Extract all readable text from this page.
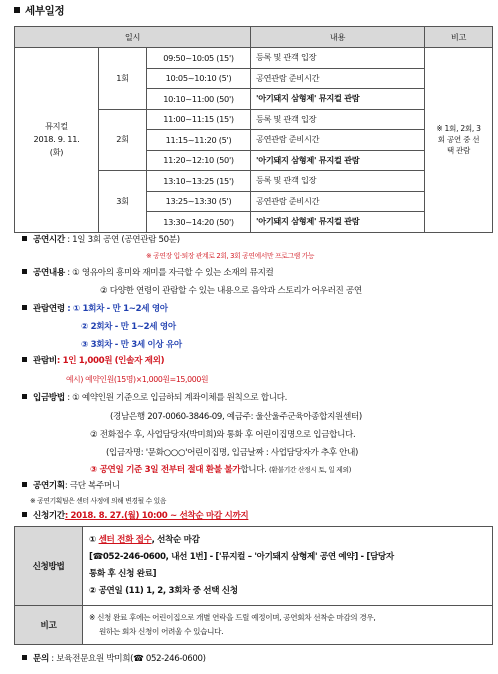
세부일정
일시			내용	비고

뮤지컬
2018. 9. 11.
(화)	1회	09:50~10:05 (15')	등록 및 관객 입장	※ 1회, 2회, 3회 공연 중 선택 관람
		10:05~10:10 (5')	공연관람 준비시간	
		10:10~11:00 (50')	'아기돼지 삼형제' 뮤지컬 관람	
	2회	11:00~11:15 (15')	등록 및 관객 입장	
		11:15~11:20 (5')	공연관람 준비시간	
		11:20~12:10 (50')	'아기돼지 삼형제' 뮤지컬 관람	
	3회	13:10~13:25 (15')	등록 및 관객 입장	
		13:25~13:30 (5')	공연관람 준비시간	
		13:30~14:20 (50')	'아기돼지 삼형제' 뮤지컬 관람	
공연시간 : 1일 3회 공연 (공연관람 50분)
※ 공연장 입·퇴장 관계로 2회, 3회 공연에서만 프로그램 가능
공연내용 : ① 영유아의 흥미와 재미를 자극할 수 있는 소재의 뮤지컬
② 다양한 연령이 관람할 수 있는 내용으로 음악과 스토리가 어우러진 공연
관람연령 : ① 1회차 - 만 1~2세 영아
② 2회차 - 만 1~2세 영아
③ 3회차 - 만 3세 이상 유아
관람비: 1인 1,000원 (인솔자 제외)
예시) 예약인원(15명)×1,000원=15,000원
입금방법 : ① 예약인원 기준으로 입금하되 계좌이체를 원칙으로 합니다.
(경남은행 207-0060-3846-09, 예금주: 울산울주군육아종합지원센터)
② 전화접수 후, 사업담당자(박미희)와 통화 후 어린이집명으로 입금합니다.
(입금자명: '문화○○○'어린이집명, 입금날짜 : 사업담당자가 추후 안내)
③ 공연일 기준 3일 전부터 절대 환불 불가합니다. (환불기간 산정시 토, 일 제외)
공연기획: 극단 복주머니
※ 공연기획팀은 센터 사정에 의해 변경될 수 있음
신청기간: 2018. 8. 27.(월) 10:00 ~ 선착순 마감 시까지
신청방법	① 센터 전화 접수, 선착순 마감
[☎052-246-0600, 내선 1번] - ['뮤지컬 – '아기돼지 삼형제' 공연 예약] - [담당자
통화 후 신청 완료]
② 공연일 (11) 1, 2, 3회차 중 선택 신청

비고	※ 신청 완료 후에는 어린이집으로 개별 연락을 드릴 예정이며, 공연회차 선착순 마감의 경우,
원하는 회차 신청이 어려울 수 있습니다.
문의 : 보육전문요원 박미희(☎ 052-246-0600)
